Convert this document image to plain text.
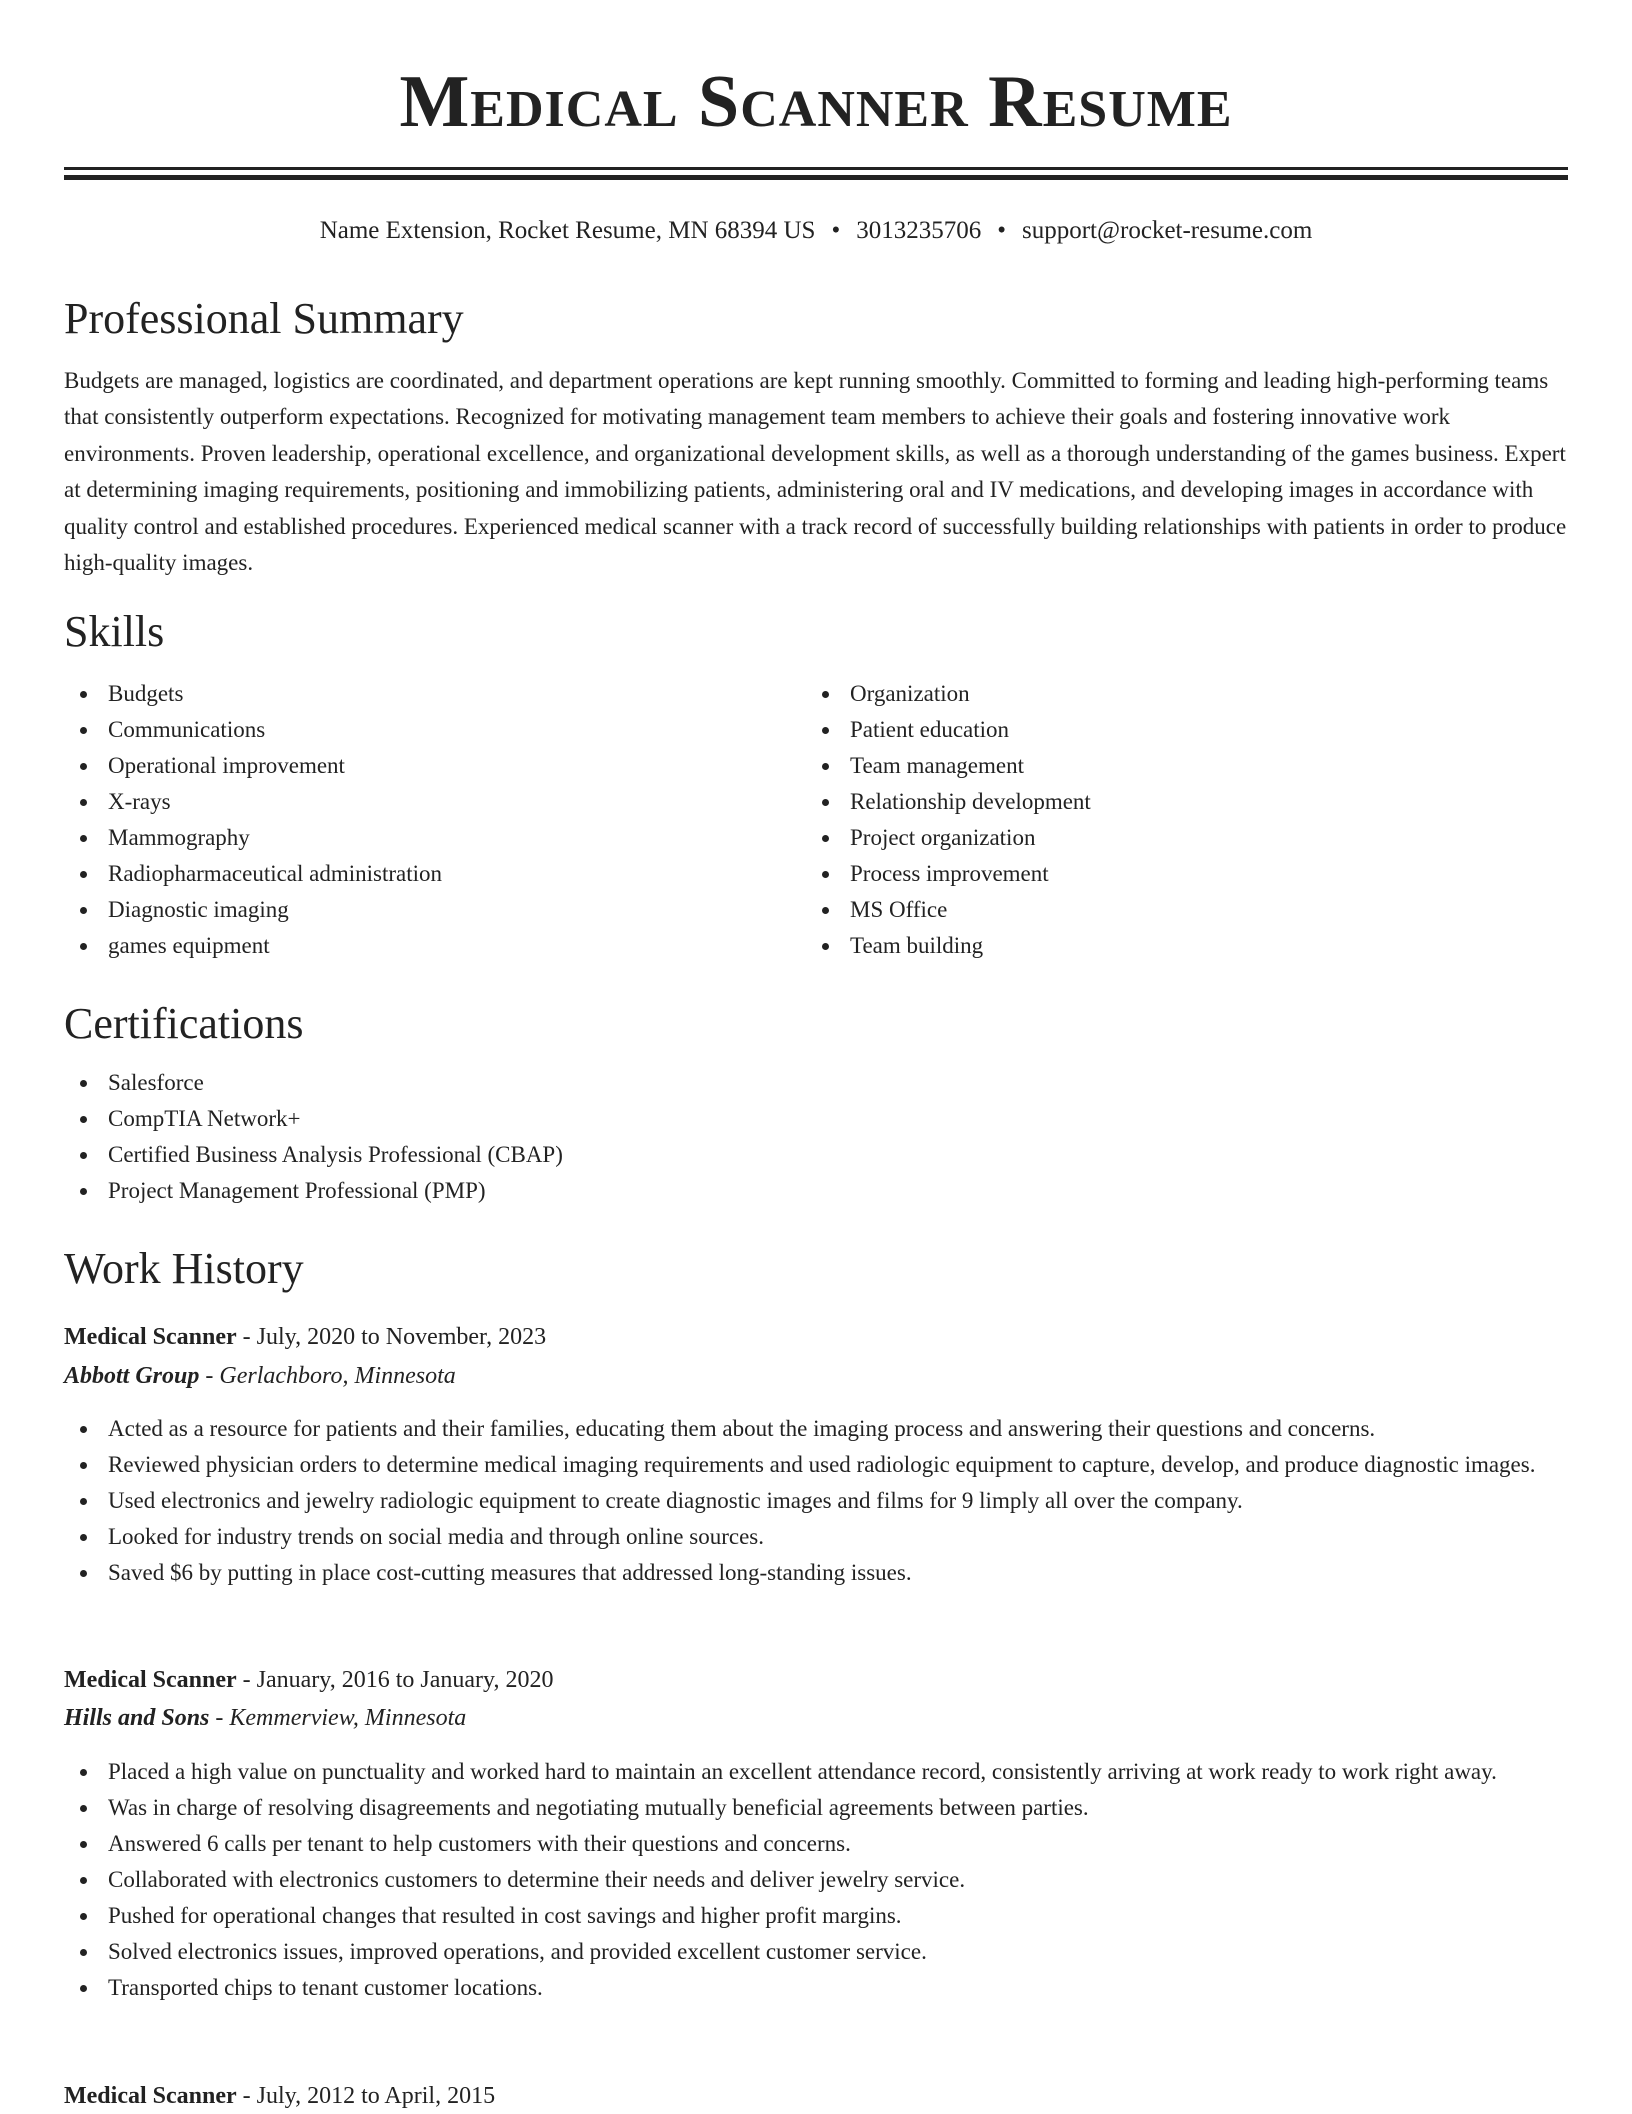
Medical Scanner Resume
Name Extension, Rocket Resume, MN 68394 US • 3013235706 • support@rocket-resume.com
Professional Summary

Budgets are managed, logistics are coordinated, and department operations are kept running smoothly. Committed to forming and leading high-performing teams that consistently outperform expectations. Recognized for motivating management team members to achieve their goals and fostering innovative work environments. Proven leadership, operational excellence, and organizational development skills, as well as a thorough understanding of the games business. Expert at determining imaging requirements, positioning and immobilizing patients, administering oral and IV medications, and developing images in accordance with quality control and established procedures. Experienced medical scanner with a track record of successfully building relationships with patients in order to produce high-quality images.

Skills
Budgets
Communications
Operational improvement
X-rays
Mammography
Radiopharmaceutical administration
Diagnostic imaging
games equipment
Organization
Patient education
Team management
Relationship development
Project organization
Process improvement
MS Office
Team building
Certifications
Salesforce
CompTIA Network+
Certified Business Analysis Professional (CBAP)
Project Management Professional (PMP)
Work History
Medical Scanner - July, 2020 to November, 2023
Abbott Group - Gerlachboro, Minnesota
Acted as a resource for patients and their families, educating them about the imaging process and answering their questions and concerns.
Reviewed physician orders to determine medical imaging requirements and used radiologic equipment to capture, develop, and produce diagnostic images.
Used electronics and jewelry radiologic equipment to create diagnostic images and films for 9 limply all over the company.
Looked for industry trends on social media and through online sources.
Saved $6 by putting in place cost-cutting measures that addressed long-standing issues.
Medical Scanner - January, 2016 to January, 2020
Hills and Sons - Kemmerview, Minnesota
Placed a high value on punctuality and worked hard to maintain an excellent attendance record, consistently arriving at work ready to work right away.
Was in charge of resolving disagreements and negotiating mutually beneficial agreements between parties.
Answered 6 calls per tenant to help customers with their questions and concerns.
Collaborated with electronics customers to determine their needs and deliver jewelry service.
Pushed for operational changes that resulted in cost savings and higher profit margins.
Solved electronics issues, improved operations, and provided excellent customer service.
Transported chips to tenant customer locations.
Medical Scanner - July, 2012 to April, 2015
